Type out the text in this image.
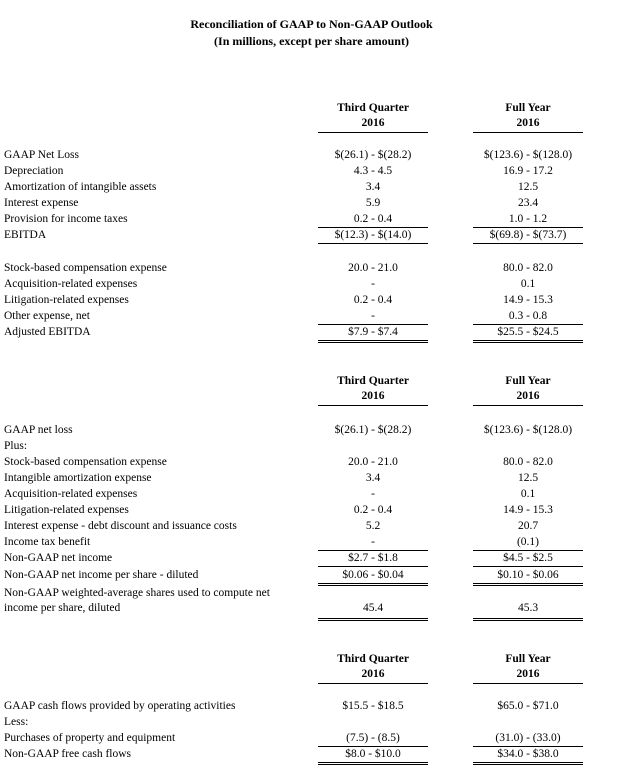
Reconciliation of GAAP to Non-GAAP Outlook
(In millions, except per share amount)
Third Quarter
2016
Full Year
2016
GAAP Net Loss	$(26.1) - $(28.2)	$(123.6) - $(128.0)
Depreciation	4.3 - 4.5	16.9 - 17.2
Amortization of intangible assets	3.4	12.5
Interest expense	5.9	23.4
Provision for income taxes	0.2 - 0.4	1.0 - 1.2
EBITDA	$(12.3) - $(14.0)	$(69.8) - $(73.7)
Stock-based compensation expense	20.0 - 21.0	80.0 - 82.0
Acquisition-related expenses	-	0.1
Litigation-related expenses	0.2 - 0.4	14.9 - 15.3
Other expense, net	-	0.3 - 0.8
Adjusted EBITDA	$7.9 - $7.4	$25.5 - $24.5
Third Quarter
2016
Full Year
2016
GAAP net loss	$(26.1) - $(28.2)	$(123.6) - $(128.0)
Plus:
Stock-based compensation expense	20.0 - 21.0	80.0 - 82.0
Intangible amortization expense	3.4	12.5
Acquisition-related expenses	-	0.1
Litigation-related expenses	0.2 - 0.4	14.9 - 15.3
Interest expense - debt discount and issuance costs	5.2	20.7
Income tax benefit	-	(0.1)
Non-GAAP net income	$2.7 - $1.8	$4.5 - $2.5
Non-GAAP net income per share - diluted	$0.06 - $0.04	$0.10 - $0.06
Non-GAAP weighted-average shares used to compute net
income per share, diluted	45.4	45.3
Third Quarter
2016
Full Year
2016
GAAP cash flows provided by operating activities	$15.5 - $18.5	$65.0 - $71.0
Less:
Purchases of property and equipment	(7.5) - (8.5)	(31.0) - (33.0)
Non-GAAP free cash flows	$8.0 - $10.0	$34.0 - $38.0
